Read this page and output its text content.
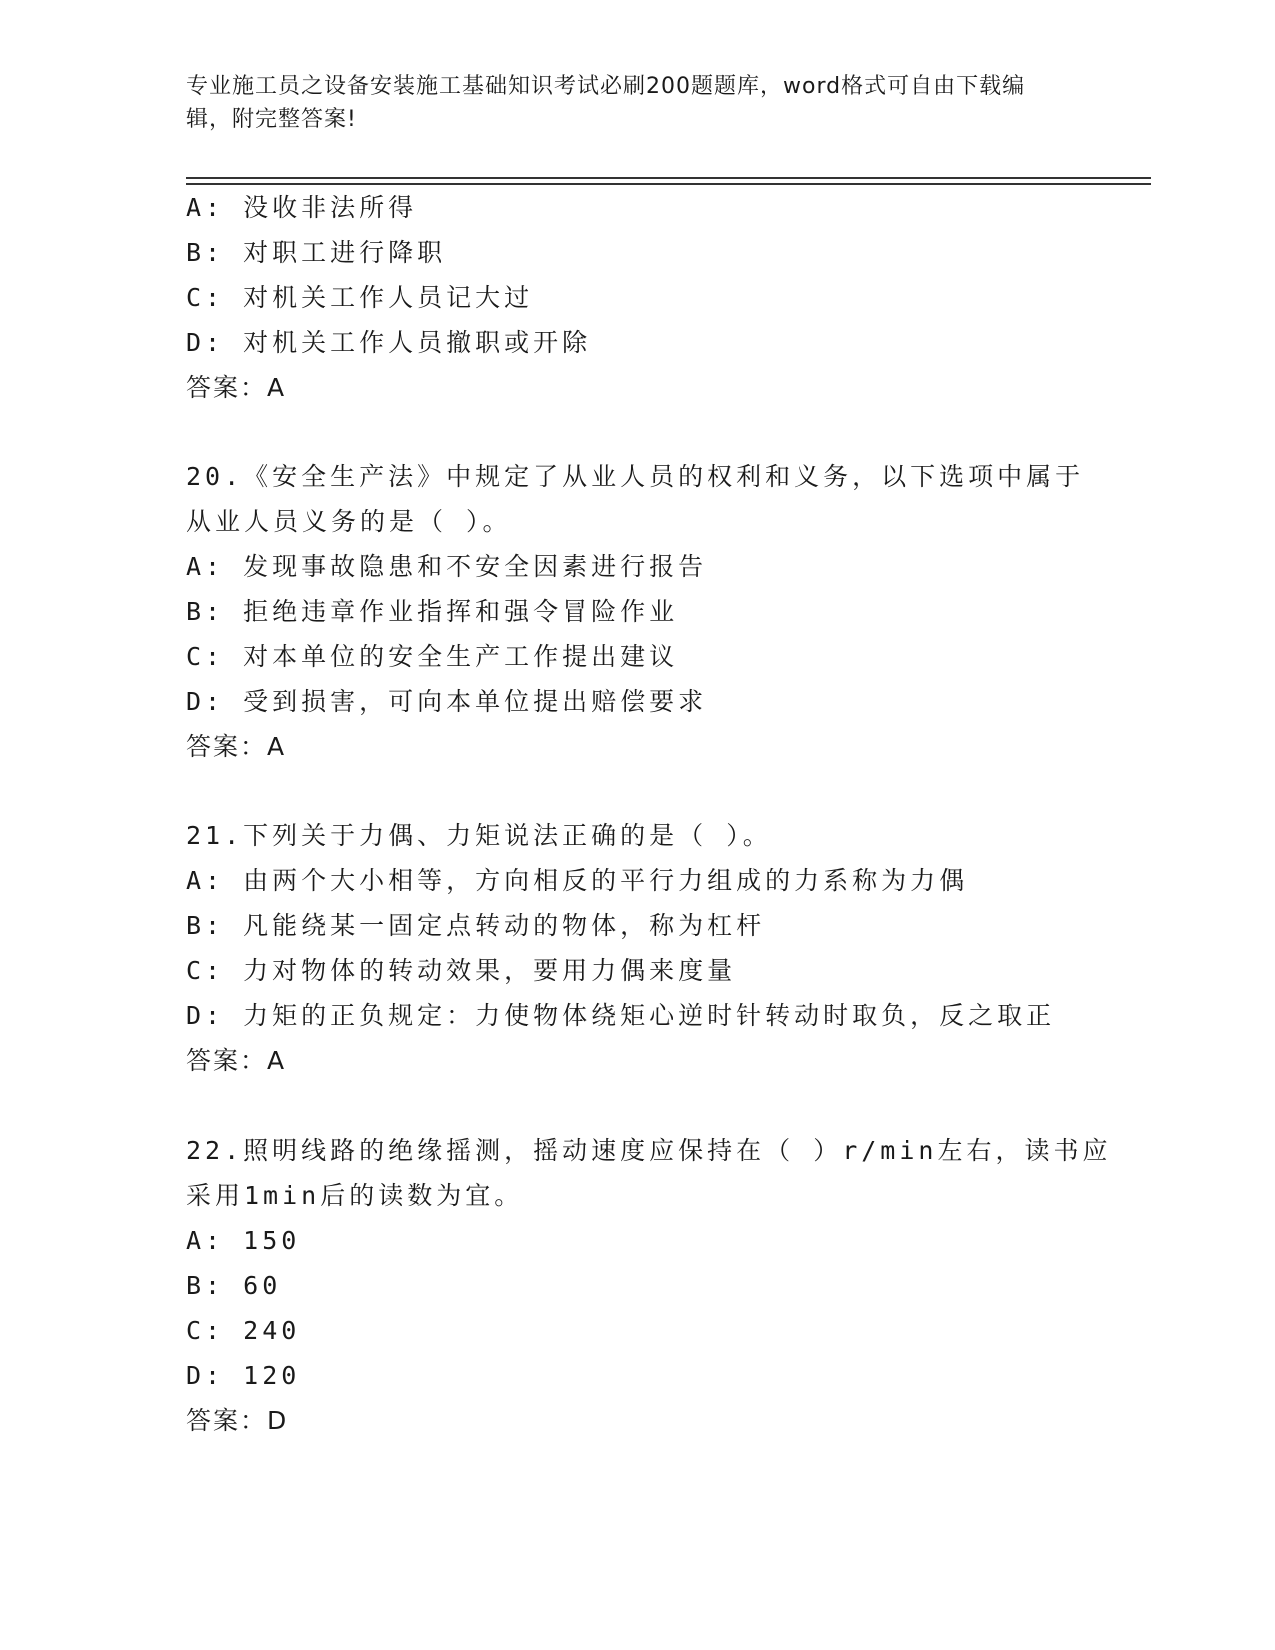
专业施工员之设备安装施工基础知识考试必刷200题题库，word格式可自由下载编辑，附完整答案!
A: 没收非法所得
B: 对职工进行降职
C: 对机关工作人员记大过
D: 对机关工作人员撤职或开除
答案：A
20.《安全生产法》中规定了从业人员的权利和义务，以下选项中属于
从业人员义务的是（ ）。
A: 发现事故隐患和不安全因素进行报告
B: 拒绝违章作业指挥和强令冒险作业
C: 对本单位的安全生产工作提出建议
D: 受到损害，可向本单位提出赔偿要求
答案：A
21.下列关于力偶、力矩说法正确的是（ ）。
A: 由两个大小相等，方向相反的平行力组成的力系称为力偶
B: 凡能绕某一固定点转动的物体，称为杠杆
C: 力对物体的转动效果，要用力偶来度量
D: 力矩的正负规定：力使物体绕矩心逆时针转动时取负，反之取正
答案：A
22.照明线路的绝缘摇测，摇动速度应保持在（ ）r/min左右，读书应
采用1min后的读数为宜。
A: 150
B: 60
C: 240
D: 120
答案：D
